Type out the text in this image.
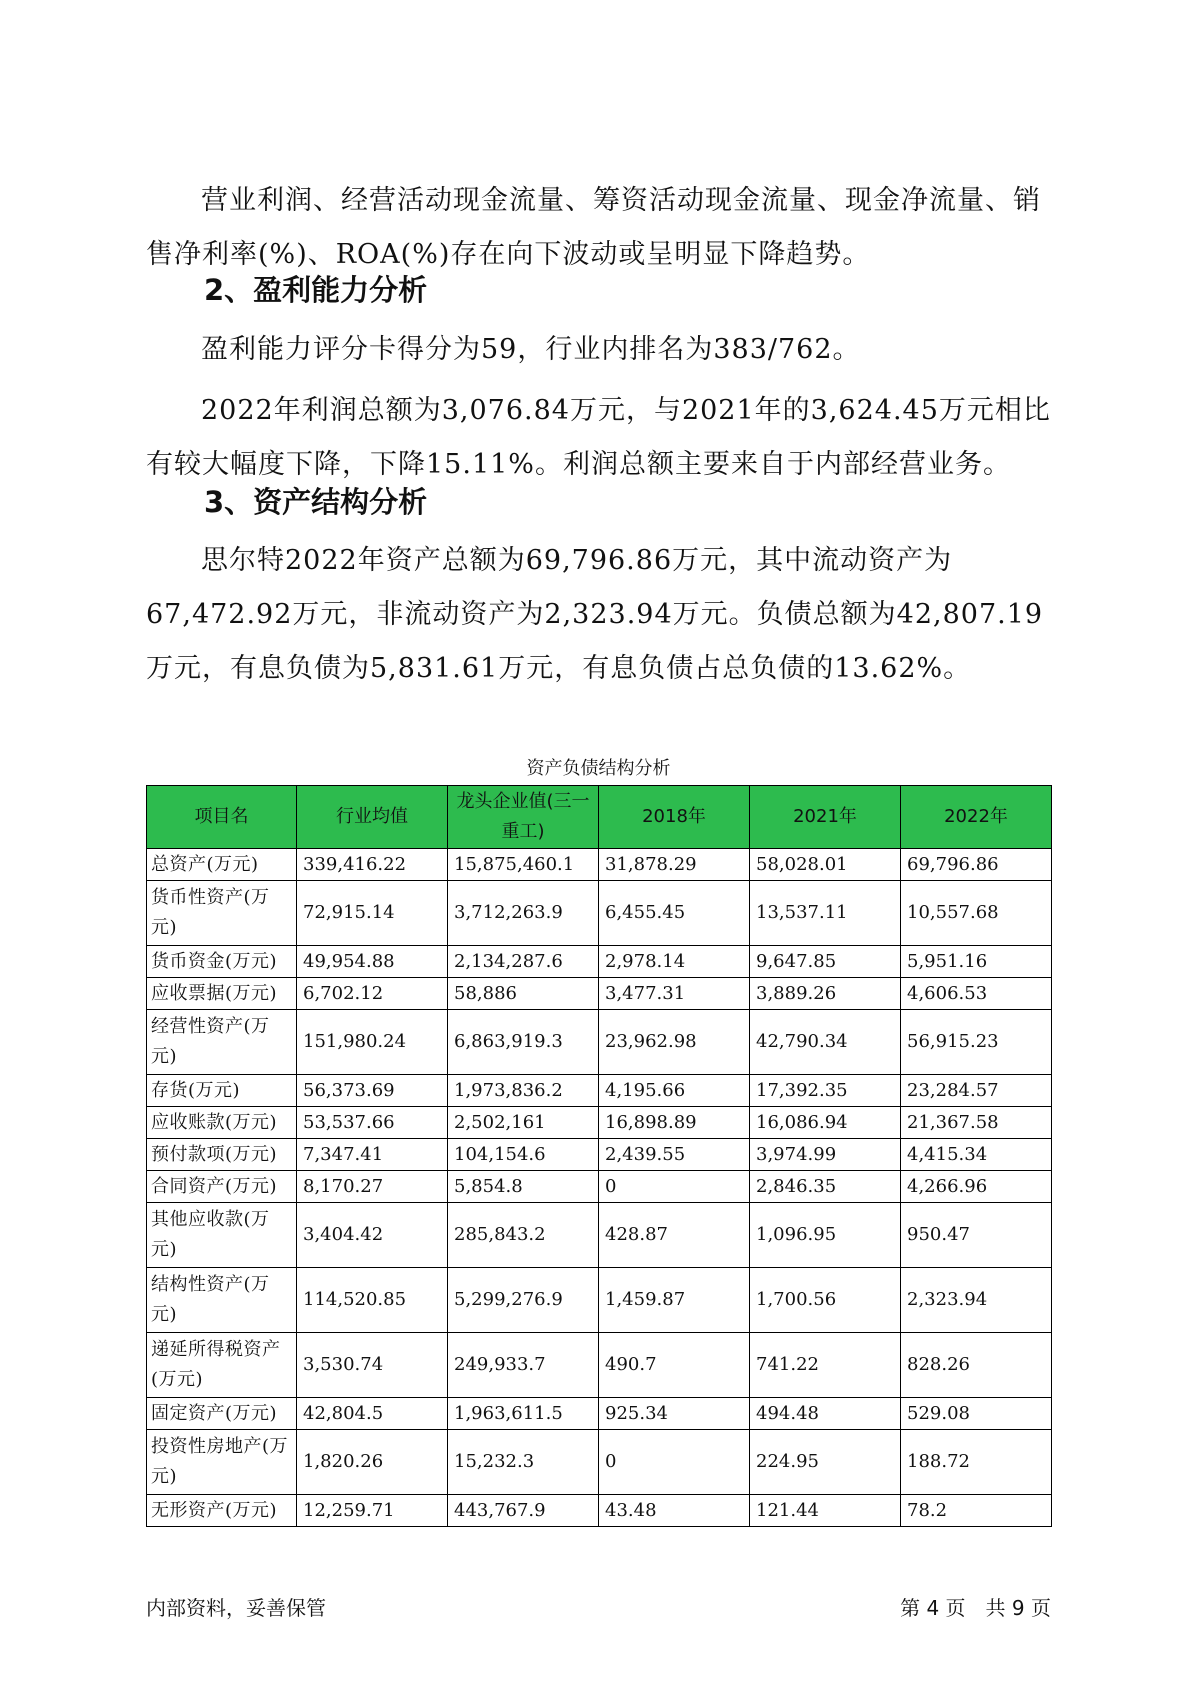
营业利润、经营活动现金流量、筹资活动现金流量、现金净流量、销售净利率(%)、ROA(%)存在向下波动或呈明显下降趋势。

2、盈利能力分析

盈利能力评分卡得分为59，行业内排名为383/762。

2022年利润总额为3,076.84万元，与2021年的3,624.45万元相比有较大幅度下降，下降15.11%。利润总额主要来自于内部经营业务。

3、资产结构分析

思尔特2022年资产总额为69,796.86万元，其中流动资产为67,472.92万元，非流动资产为2,323.94万元。负债总额为42,807.19万元，有息负债为5,831.61万元，有息负债占总负债的13.62%。

资产负债结构分析
项目名	行业均值	龙头企业值(三一重工)	2018年	2021年	2022年
总资产(万元)	339,416.22	15,875,460.1	31,878.29	58,028.01	69,796.86
货币性资产(万元)	72,915.14	3,712,263.9	6,455.45	13,537.11	10,557.68
货币资金(万元)	49,954.88	2,134,287.6	2,978.14	9,647.85	5,951.16
应收票据(万元)	6,702.12	58,886	3,477.31	3,889.26	4,606.53
经营性资产(万元)	151,980.24	6,863,919.3	23,962.98	42,790.34	56,915.23
存货(万元)	56,373.69	1,973,836.2	4,195.66	17,392.35	23,284.57
应收账款(万元)	53,537.66	2,502,161	16,898.89	16,086.94	21,367.58
预付款项(万元)	7,347.41	104,154.6	2,439.55	3,974.99	4,415.34
合同资产(万元)	8,170.27	5,854.8	0	2,846.35	4,266.96
其他应收款(万元)	3,404.42	285,843.2	428.87	1,096.95	950.47
结构性资产(万元)	114,520.85	5,299,276.9	1,459.87	1,700.56	2,323.94
递延所得税资产(万元)	3,530.74	249,933.7	490.7	741.22	828.26
固定资产(万元)	42,804.5	1,963,611.5	925.34	494.48	529.08
投资性房地产(万元)	1,820.26	15,232.3	0	224.95	188.72
无形资产(万元)	12,259.71	443,767.9	43.48	121.44	78.2
内部资料，妥善保管	第 4 页　共 9 页
